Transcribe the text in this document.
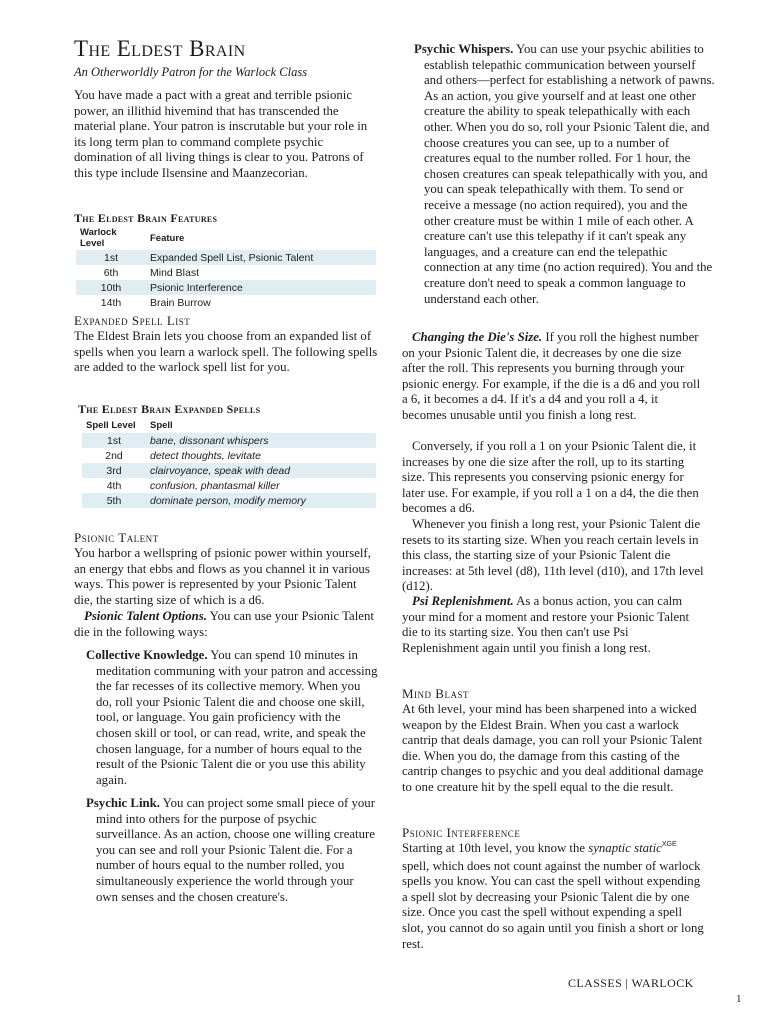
The Eldest Brain

An Otherworldly Patron for the Warlock Class

You have made a pact with a great and terrible psionic power, an illithid hivemind that has transcended the material plane. Your patron is inscrutable but your role in its long term plan to command complete psychic domination of all living things is clear to you. Patrons of this type include Ilsensine and Maanzecorian.

The Eldest Brain Features

Warlock Level	Feature
1st	Expanded Spell List, Psionic Talent
6th	Mind Blast
10th	Psionic Interference
14th	Brain Burrow

Expanded Spell List

The Eldest Brain lets you choose from an expanded list of spells when you learn a warlock spell. The following spells are added to the warlock spell list for you.

The Eldest Brain Expanded Spells

Spell Level	Spell
1st	bane, dissonant whispers
2nd	detect thoughts, levitate
3rd	clairvoyance, speak with dead
4th	confusion, phantasmal killer
5th	dominate person, modify memory

Psionic Talent

You harbor a wellspring of psionic power within yourself, an energy that ebbs and flows as you channel it in various ways. This power is represented by your Psionic Talent die, the starting size of which is a d6.

Psionic Talent Options. You can use your Psionic Talent die in the following ways:

Collective Knowledge. You can spend 10 minutes in meditation communing with your patron and accessing the far recesses of its collective memory. When you do, roll your Psionic Talent die and choose one skill, tool, or language. You gain proficiency with the chosen skill or tool, or can read, write, and speak the chosen language, for a number of hours equal to the result of the Psionic Talent die or you use this ability again.

Psychic Link. You can project some small piece of your mind into others for the purpose of psychic surveillance. As an action, choose one willing creature you can see and roll your Psionic Talent die. For a number of hours equal to the number rolled, you simultaneously experience the world through your own senses and the chosen creature's.

Psychic Whispers. You can use your psychic abilities to establish telepathic communication between yourself and others—perfect for establishing a network of pawns. As an action, you give yourself and at least one other creature the ability to speak telepathically with each other. When you do so, roll your Psionic Talent die, and choose creatures you can see, up to a number of creatures equal to the number rolled. For 1 hour, the chosen creatures can speak telepathically with you, and you can speak telepathically with them. To send or receive a message (no action required), you and the other creature must be within 1 mile of each other. A creature can't use this telepathy if it can't speak any languages, and a creature can end the telepathic connection at any time (no action required). You and the creature don't need to speak a common language to understand each other.

Changing the Die's Size. If you roll the highest number on your Psionic Talent die, it decreases by one die size after the roll. This represents you burning through your psionic energy. For example, if the die is a d6 and you roll a 6, it becomes a d4. If it's a d4 and you roll a 4, it becomes unusable until you finish a long rest.

Conversely, if you roll a 1 on your Psionic Talent die, it increases by one die size after the roll, up to its starting size. This represents you conserving psionic energy for later use. For example, if you roll a 1 on a d4, the die then becomes a d6.

Whenever you finish a long rest, your Psionic Talent die resets to its starting size. When you reach certain levels in this class, the starting size of your Psionic Talent die increases: at 5th level (d8), 11th level (d10), and 17th level (d12).

Psi Replenishment. As a bonus action, you can calm your mind for a moment and restore your Psionic Talent die to its starting size. You then can't use Psi Replenishment again until you finish a long rest.

Mind Blast

At 6th level, your mind has been sharpened into a wicked weapon by the Eldest Brain. When you cast a warlock cantrip that deals damage, you can roll your Psionic Talent die. When you do, the damage from this casting of the cantrip changes to psychic and you deal additional damage to one creature hit by the spell equal to the die result.

Psionic Interference

Starting at 10th level, you know the synaptic static$^{XGE}$ spell, which does not count against the number of warlock spells you know. You can cast the spell without expending a spell slot by decreasing your Psionic Talent die by one size. Once you cast the spell without expending a spell slot, you cannot do so again until you finish a short or long rest.

CLASSES | WARLOCK

1
